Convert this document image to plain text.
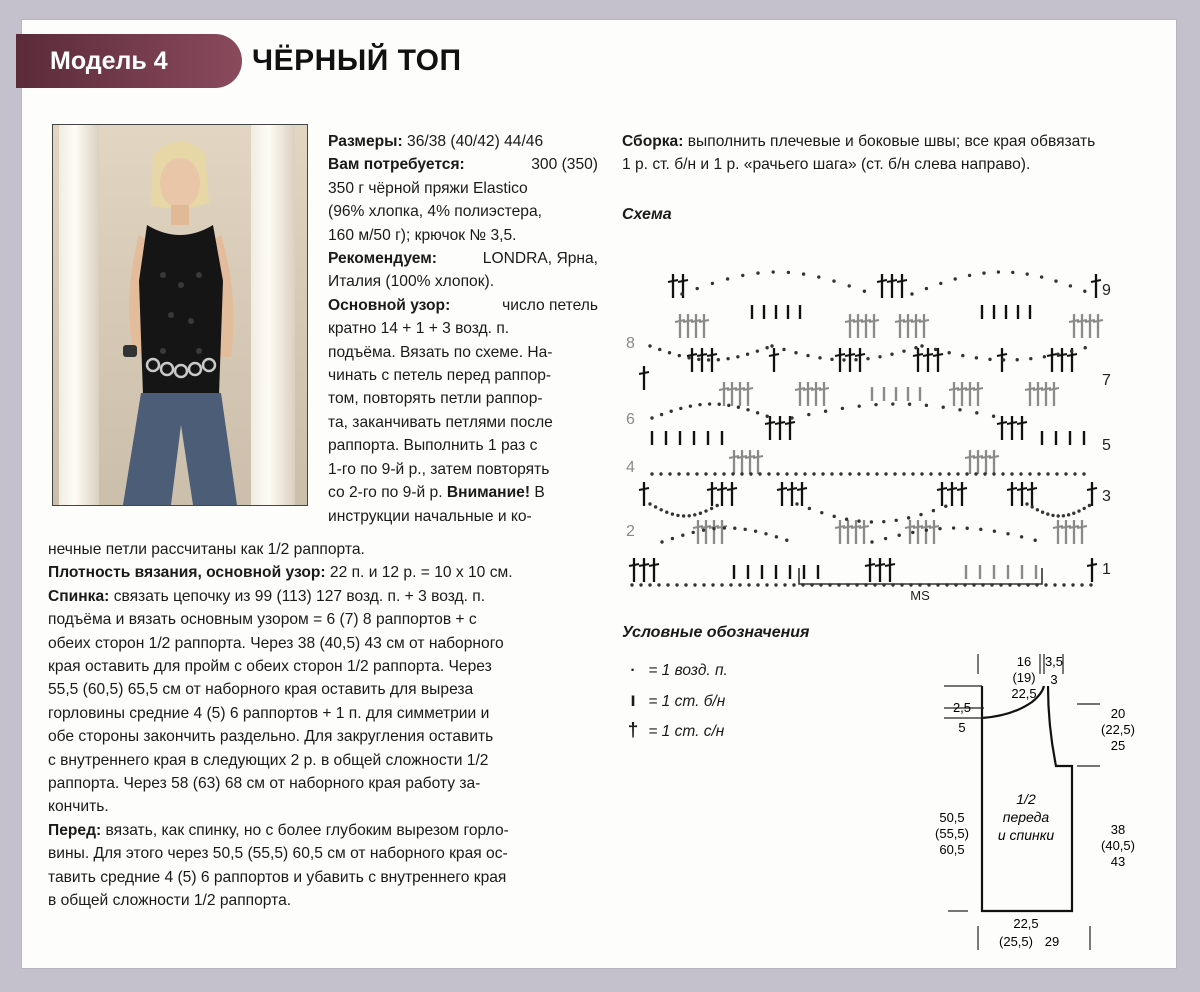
Модель 4	ЧЁРНЫЙ ТОП

Размеры: 36/38 (40/42) 44/46

Вам потребуется:	300 (350)

350 г чёрной пряжи Elastico

(96% хлопка, 4% полиэстера,

160 м/50 г); крючок № 3,5.

Рекомендуем:	LONDRA, Ярна,

Италия (100% хлопок).

Основной узор:	число петель

кратно 14 + 1 + 3 возд. п.

подъёма. Вязать по схеме. На-

чинать с петель перед раппор-

том, повторять петли раппор-

та, заканчивать петлями после

раппорта. Выполнить 1 раз с

1-го по 9-й р., затем повторять

со 2-го по 9-й р. Внимание! В

инструкции начальные и ко-

нечные петли рассчитаны как 1/2 раппорта.

Плотность вязания, основной узор: 22 п. и 12 р. = 10 х 10 см.

Спинка: связать цепочку из 99 (113) 127 возд. п. + 3 возд. п.

подъёма и вязать основным узором = 6 (7) 8 раппортов + с

обеих сторон 1/2 раппорта. Через 38 (40,5) 43 см от наборного

края оставить для пройм с обеих сторон 1/2 раппорта. Через

55,5 (60,5) 65,5 см от наборного края оставить для выреза

горловины средние 4 (5) 6 раппортов + 1 п. для симметрии и

обе стороны закончить раздельно. Для закругления оставить

с внутреннего края в следующих 2 р. в общей сложности 1/2

раппорта. Через 58 (63) 68 см от наборного края работу за-

кончить.

Перед: вязать, как спинку, но с более глубоким вырезом горло-

вины. Для этого через 50,5 (55,5) 60,5 см от наборного края ос-

тавить средние 4 (5) 6 раппортов и убавить с внутреннего края

в общей сложности 1/2 раппорта.

Сборка: выполнить плечевые и боковые швы; все края обвязать

1 р. ст. б/н и 1 р. «рачьего шага» (ст. б/н слева направо).

Схема
MS
9
7
5
3
1
8
6
4
2
Условные обозначения
· = 1 возд. п.
ı = 1 ст. б/н
† = 1 ст. с/н
16
(19)
22,5
3,5
3
2,5
5
50,5
(55,5)
60,5
20
(22,5)
25
38
(40,5)
43
1/2
переда
и спинки
22,5
(25,5) 29
